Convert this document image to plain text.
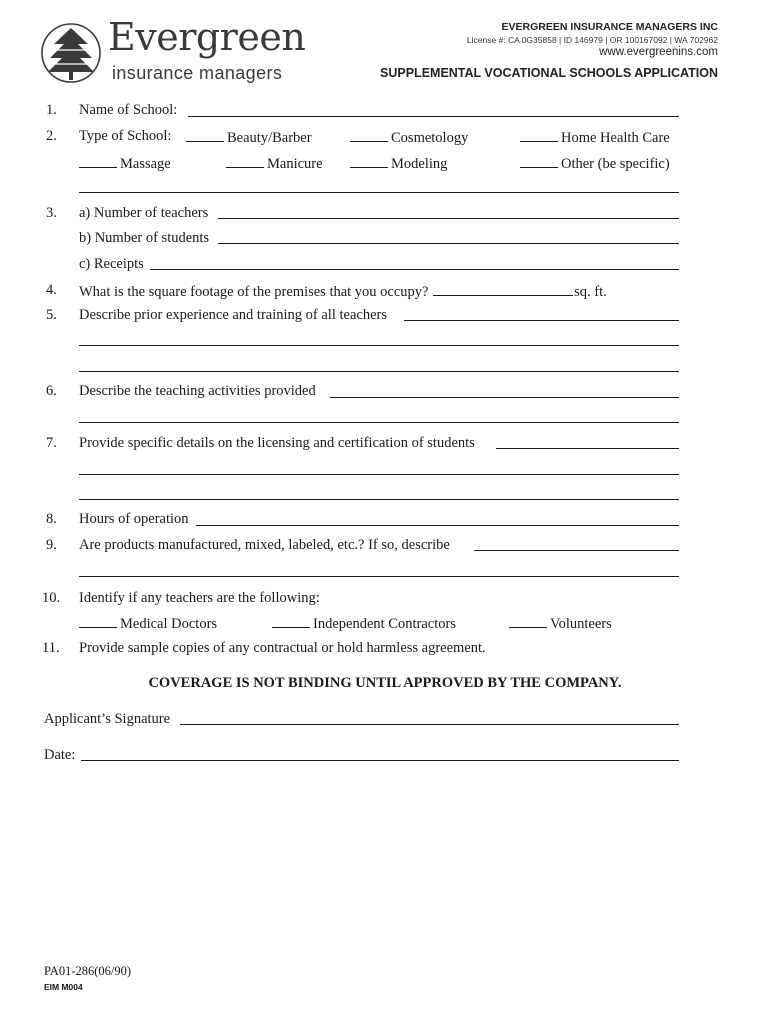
Evergreen
insurance managers
EVERGREEN INSURANCE MANAGERS INC
License #: CA 0G35858 | ID 146979 | OR 100167092 | WA 702962
www.evergreenins.com
SUPPLEMENTAL VOCATIONAL SCHOOLS APPLICATION
1. Name of School:
2. Type of School:	Beauty/Barber	Cosmetology	Home Health Care
Massage	Manicure	Modeling	Other (be specific)
3. a) Number of teachers
b) Number of students
c) Receipts
4. What is the square footage of the premises that you occupy?	sq. ft.
5. Describe prior experience and training of all teachers
6. Describe the teaching activities provided
7. Provide specific details on the licensing and certification of students
8. Hours of operation
9. Are products manufactured, mixed, labeled, etc.? If so, describe
10. Identify if any teachers are the following:
Medical Doctors	Independent Contractors	Volunteers
11. Provide sample copies of any contractual or hold harmless agreement.
COVERAGE IS NOT BINDING UNTIL APPROVED BY THE COMPANY.
Applicant’s Signature
Date:
PA01-286(06/90)
EIM M004
